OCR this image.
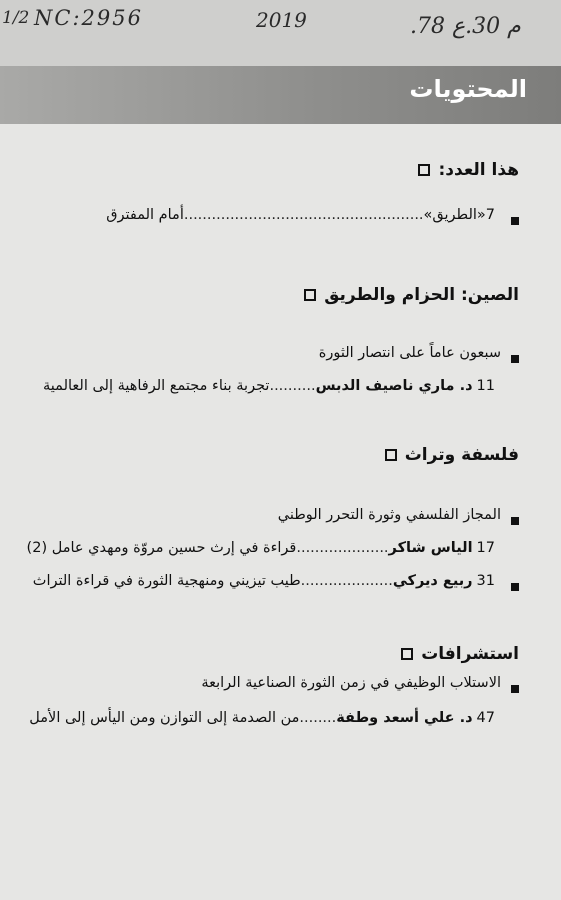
1/2 NC:2956	2019	م 30.ع 78.
المحتويات
هذا العدد:
أمام المفترق .................................................... «الطريق» 7
الصين: الحزام والطريق
سبعون عاماً على انتصار الثورة
تجربة بناء مجتمع الرفاهية إلى العالمية .......... د. ماري ناصيف الدبس 11
فلسفة وتراث
المجاز الفلسفي وثورة التحرر الوطني
قراءة في إرث حسين مروّة ومهدي عامل (2) .................... الياس شاكر 17
طيب تيزيني ومنهجية الثورة في قراءة التراث .................... ربيع ديركي 31
استشرافات
الاستلاب الوظيفي في زمن الثورة الصناعية الرابعة
من الصدمة إلى التوازن ومن اليأس إلى الأمل ........ د. علي أسعد وطفة 47
